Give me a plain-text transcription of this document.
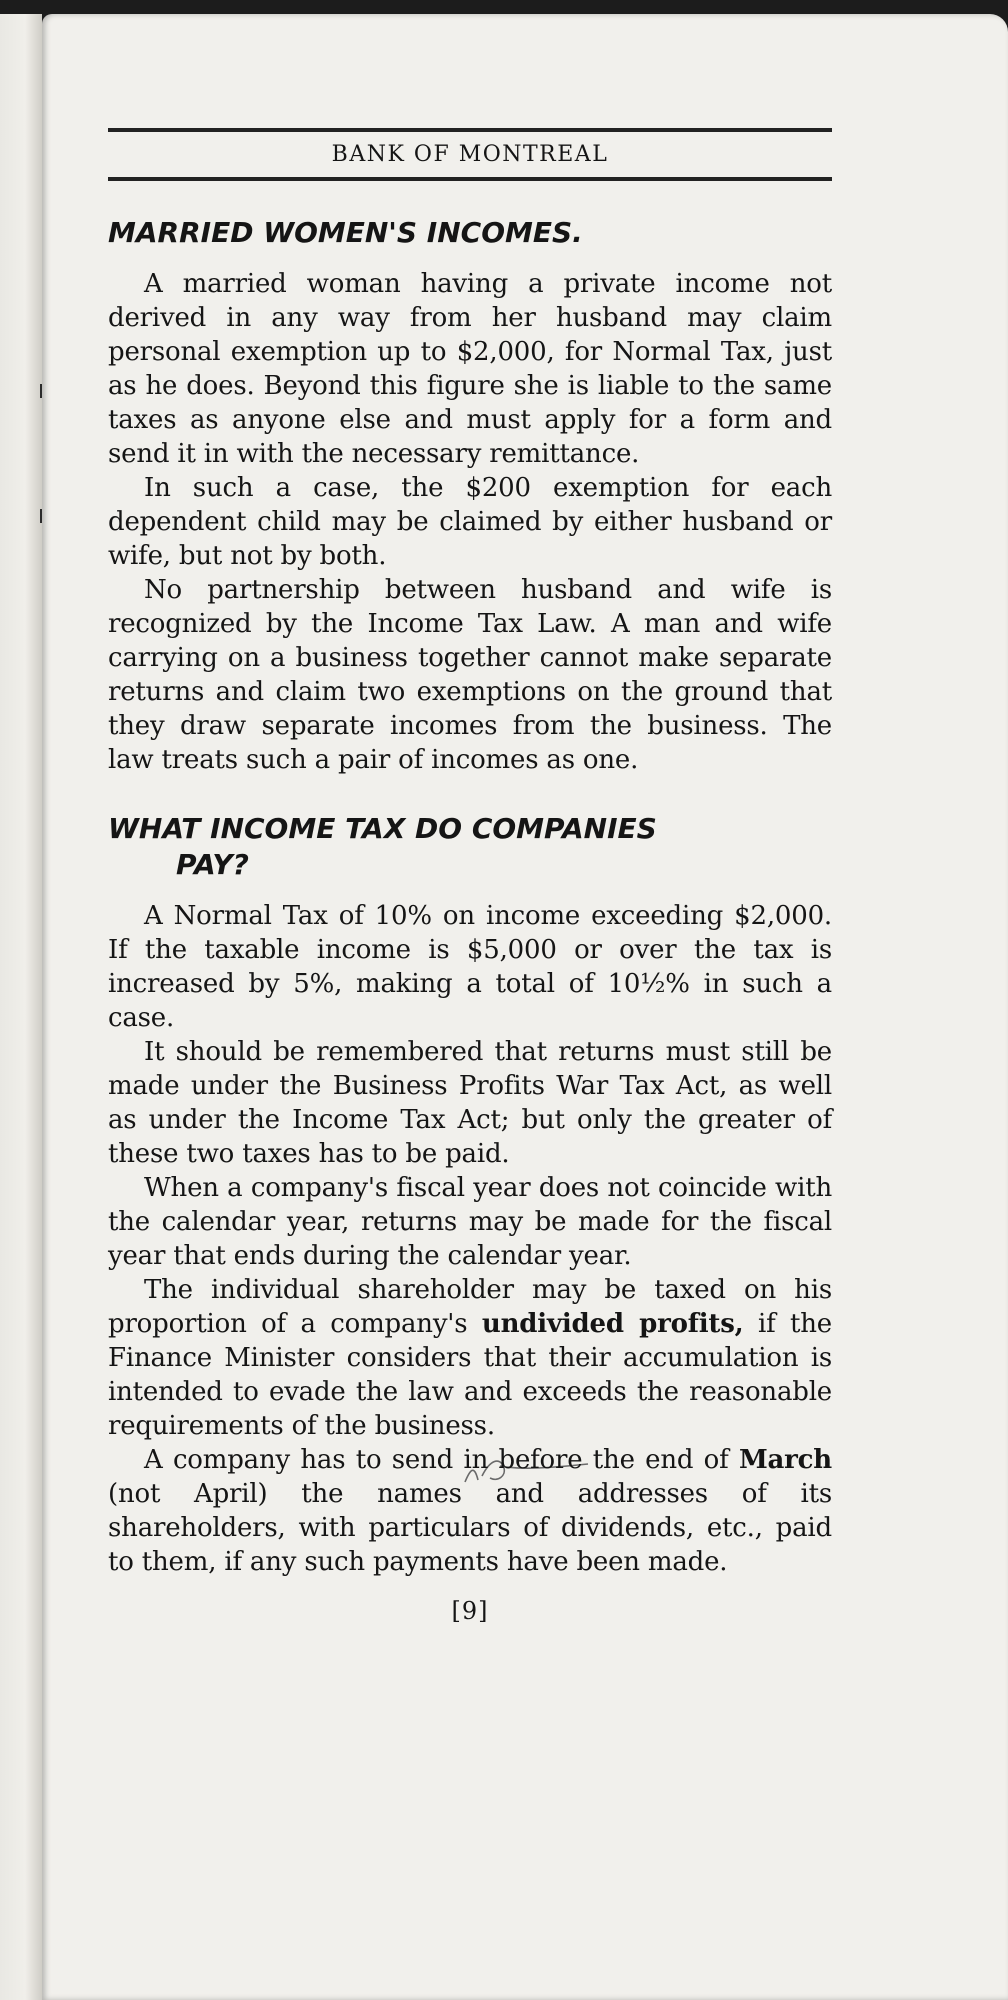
BANK OF MONTREAL
MARRIED WOMEN'S INCOMES.

A married woman having a private income not derived in any way from her husband may claim personal exemption up to $2,000, for Normal Tax, just as he does. Beyond this figure she is liable to the same taxes as anyone else and must apply for a form and send it in with the necessary remittance.

In such a case, the $200 exemption for each dependent child may be claimed by either husband or wife, but not by both.

No partnership between husband and wife is recognized by the Income Tax Law. A man and wife carrying on a business together cannot make separate returns and claim two exemptions on the ground that they draw separate incomes from the business. The law treats such a pair of incomes as one.

WHAT INCOME TAX DO COMPANIES
PAY?

A Normal Tax of 10% on income exceeding $2,000. If the taxable income is $5,000 or over the tax is increased by 5%, making a total of 10½% in such a case.

It should be remembered that returns must still be made under the Business Profits War Tax Act, as well as under the Income Tax Act; but only the greater of these two taxes has to be paid.

When a company's fiscal year does not coincide with the calendar year, returns may be made for the fiscal year that ends during the calendar year.

The individual shareholder may be taxed on his proportion of a company's undivided profits, if the Finance Minister considers that their accumulation is intended to evade the law and exceeds the reasonable requirements of the business.

A company has to send in before the end of March (not April) the names and addresses of its shareholders, with particulars of dividends, etc., paid to them, if any such payments have been made.

[9]
